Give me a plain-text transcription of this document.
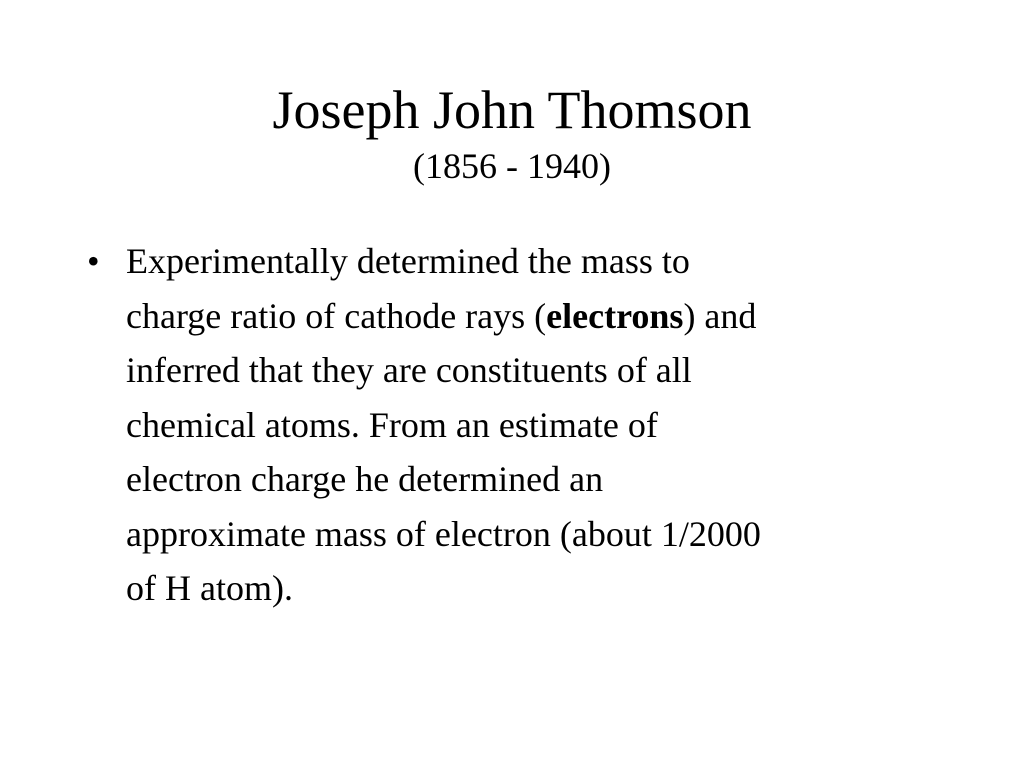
Joseph John Thomson
(1856 - 1940)
• Experimentally determined the mass to
charge ratio of cathode rays (electrons) and
inferred that they are constituents of all
chemical atoms. From an estimate of
electron charge he determined an
approximate mass of electron (about 1/2000
of H atom).
